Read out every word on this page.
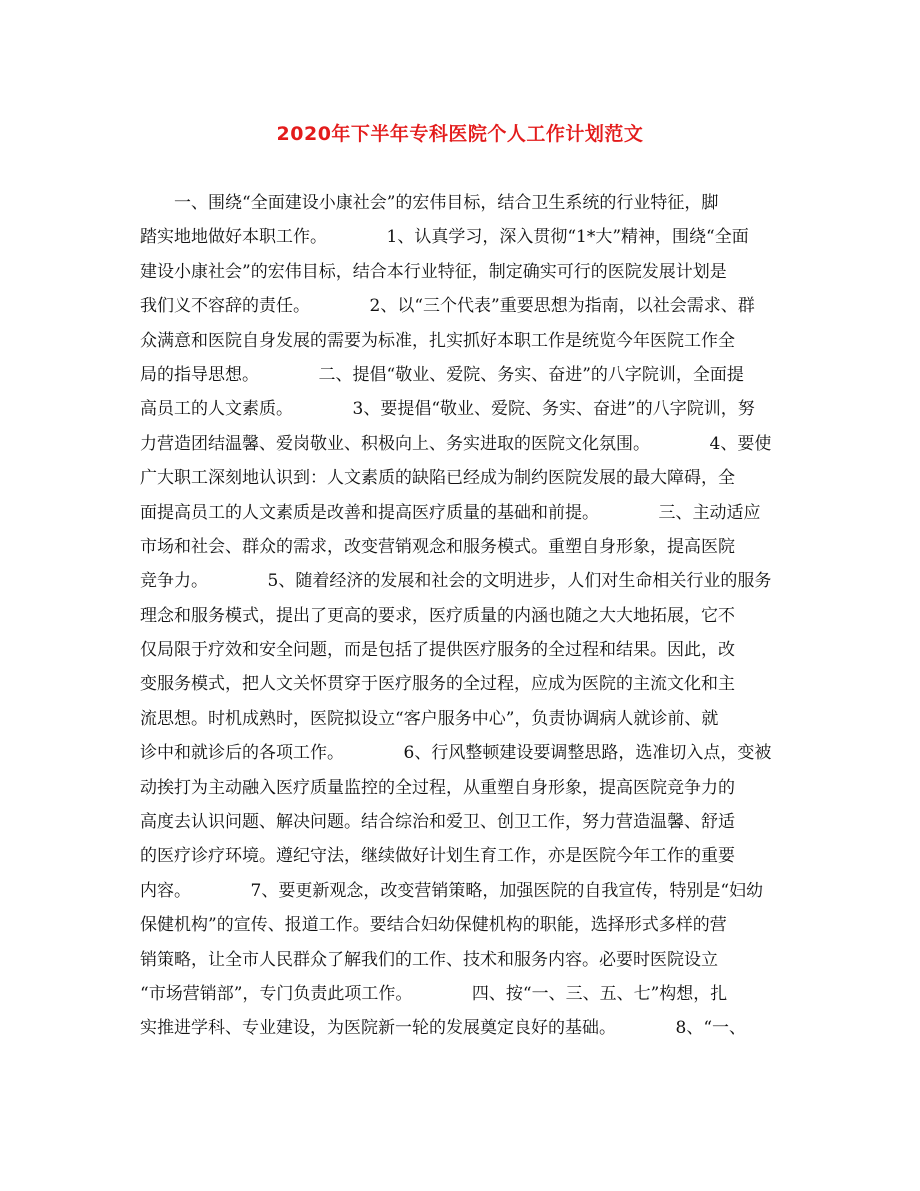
2020年下半年专科医院个人工作计划范文
　　一、围绕“全面建设小康社会”的宏伟目标，结合卫生系统的行业特征，脚
踏实地地做好本职工作。　　　　1、认真学习，深入贯彻“1*大”精神，围绕“全面
建设小康社会”的宏伟目标，结合本行业特征，制定确实可行的医院发展计划是
我们义不容辞的责任。　　　　2、以“三个代表”重要思想为指南，以社会需求、群
众满意和医院自身发展的需要为标准，扎实抓好本职工作是统览今年医院工作全
局的指导思想。　　　　二、提倡“敬业、爱院、务实、奋进”的八字院训，全面提
高员工的人文素质。　　　　3、要提倡“敬业、爱院、务实、奋进”的八字院训，努
力营造团结温馨、爱岗敬业、积极向上、务实进取的医院文化氛围。　　　　4、要使
广大职工深刻地认识到：人文素质的缺陷已经成为制约医院发展的最大障碍，全
面提高员工的人文素质是改善和提高医疗质量的基础和前提。　　　　三、主动适应
市场和社会、群众的需求，改变营销观念和服务模式。重塑自身形象，提高医院
竞争力。　　　　5、随着经济的发展和社会的文明进步，人们对生命相关行业的服务
理念和服务模式，提出了更高的要求，医疗质量的内涵也随之大大地拓展，它不
仅局限于疗效和安全问题，而是包括了提供医疗服务的全过程和结果。因此，改
变服务模式，把人文关怀贯穿于医疗服务的全过程，应成为医院的主流文化和主
流思想。时机成熟时，医院拟设立“客户服务中心”，负责协调病人就诊前、就
诊中和就诊后的各项工作。　　　　6、行风整顿建设要调整思路，选准切入点，变被
动挨打为主动融入医疗质量监控的全过程，从重塑自身形象，提高医院竞争力的
高度去认识问题、解决问题。结合综治和爱卫、创卫工作，努力营造温馨、舒适
的医疗诊疗环境。遵纪守法，继续做好计划生育工作，亦是医院今年工作的重要
内容。　　　　7、要更新观念，改变营销策略，加强医院的自我宣传，特别是“妇幼
保健机构”的宣传、报道工作。要结合妇幼保健机构的职能，选择形式多样的营
销策略，让全市人民群众了解我们的工作、技术和服务内容。必要时医院设立
“市场营销部”，专门负责此项工作。　　　　四、按“一、三、五、七”构想，扎
实推进学科、专业建设，为医院新一轮的发展奠定良好的基础。　　　　8、“一、
